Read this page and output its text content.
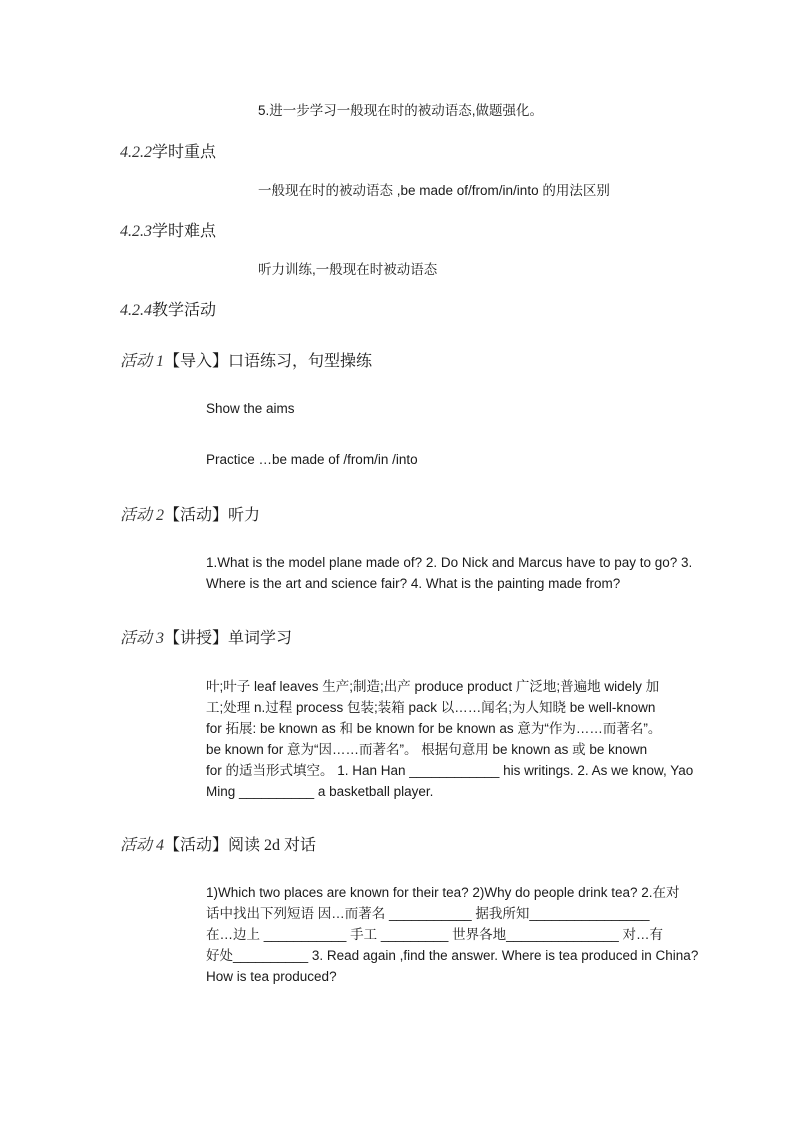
5.进一步学习一般现在时的被动语态,做题强化。

4.2.2学时重点

一般现在时的被动语态 ,be made of/from/in/into 的用法区别

4.2.3学时难点

听力训练,一般现在时被动语态

4.2.4教学活动

活动 1【导入】口语练习，句型操练

Show the aims

Practice …be made of /from/in /into

活动 2【活动】听力

1.What is the model plane made of? 2. Do Nick and Marcus have to pay to go? 3.
Where is the art and science fair? 4. What is the painting made from?

活动 3【讲授】单词学习

叶;叶子 leaf leaves 生产;制造;出产 produce product 广泛地;普遍地 widely 加
工;处理 n.过程 process 包装;装箱 pack 以……闻名;为人知晓 be well-known
for 拓展: be known as 和 be known for be known as 意为“作为……而著名”。
be known for 意为“因……而著名”。 根据句意用 be known as 或 be known
for 的适当形式填空。 1. Han Han ____________ his writings. 2. As we know, Yao
Ming __________ a basketball player.

活动 4【活动】阅读 2d 对话

1)Which two places are known for their tea? 2)Why do people drink tea? 2.在对
话中找出下列短语 因…而著名 ___________ 据我所知________________
在…边上 ___________ 手工 _________ 世界各地_______________ 对…有
好处__________ 3. Read again ,find the answer. Where is tea produced in China?
How is tea produced?
